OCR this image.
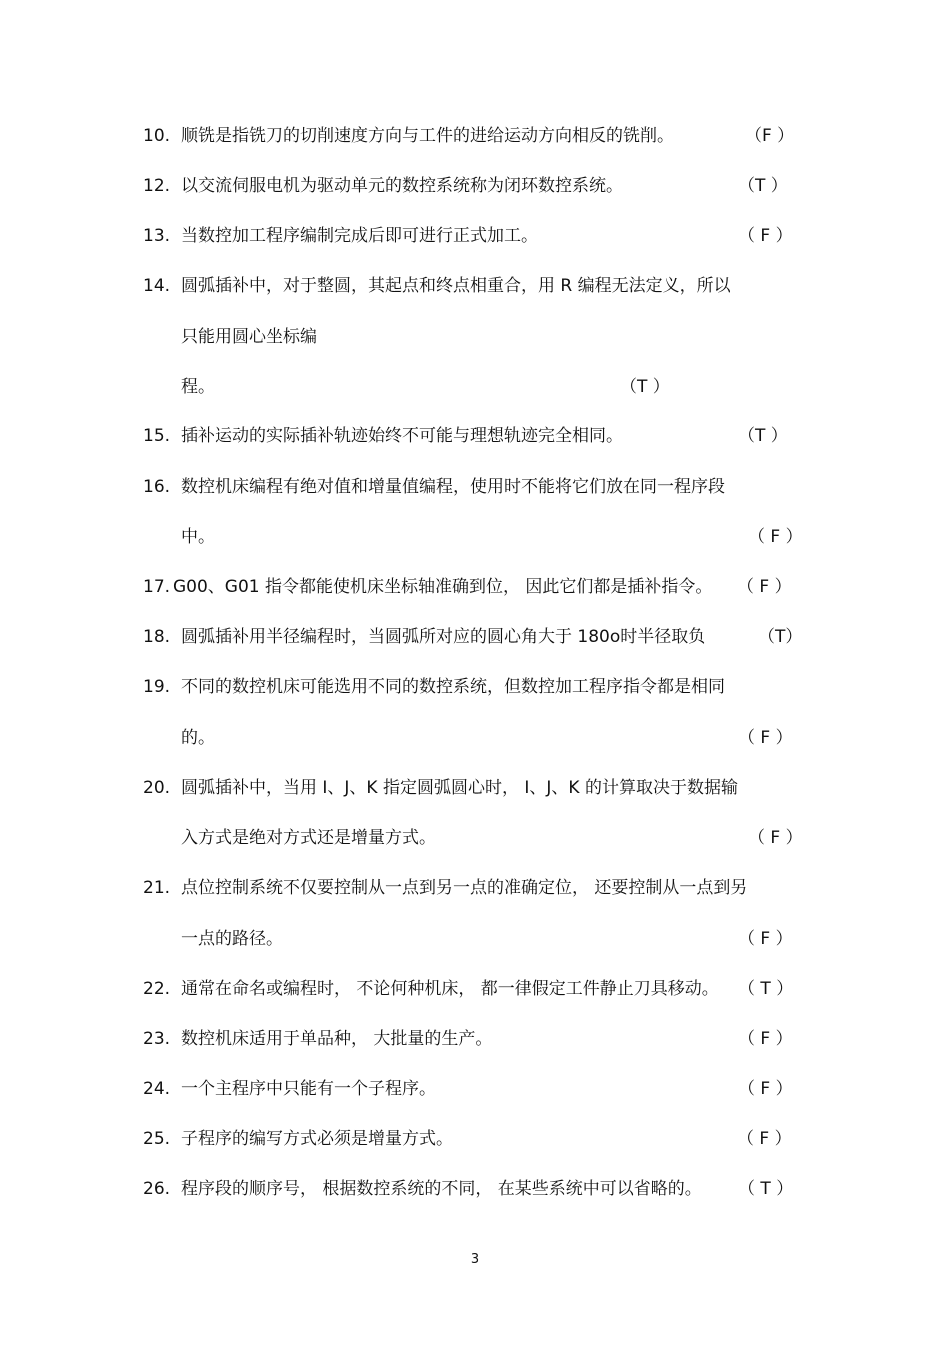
10. 顺铣是指铣刀的切削速度方向与工件的进给运动方向相反的铣削。	（F ）
12. 以交流伺服电机为驱动单元的数控系统称为闭环数控系统。	（T ）
13. 当数控加工程序编制完成后即可进行正式加工。	（ F ）
14. 圆弧插补中，对于整圆，其起点和终点相重合，用 R 编程无法定义，所以
只能用圆心坐标编
程。	（T ）
15. 插补运动的实际插补轨迹始终不可能与理想轨迹完全相同。	（T ）
16. 数控机床编程有绝对值和增量值编程，使用时不能将它们放在同一程序段
中。	（ F ）
17. G00、G01 指令都能使机床坐标轴准确到位， 因此它们都是插补指令。 （ F ）
18. 圆弧插补用半径编程时，当圆弧所对应的圆心角大于 180o时半径取负	（T）
19. 不同的数控机床可能选用不同的数控系统，但数控加工程序指令都是相同
的。	（ F ）
20. 圆弧插补中，当用 I、J、K 指定圆弧圆心时， I、J、K 的计算取决于数据输
入方式是绝对方式还是增量方式。	（ F ）
21. 点位控制系统不仅要控制从一点到另一点的准确定位， 还要控制从一点到另
一点的路径。	（ F ）
22. 通常在命名或编程时， 不论何种机床， 都一律假定工件静止刀具移动。 （ T ）
23. 数控机床适用于单品种， 大批量的生产。	（ F ）
24. 一个主程序中只能有一个子程序。	（ F ）
25. 子程序的编写方式必须是增量方式。	（ F ）
26. 程序段的顺序号， 根据数控系统的不同， 在某些系统中可以省略的。 （ T ）
3
